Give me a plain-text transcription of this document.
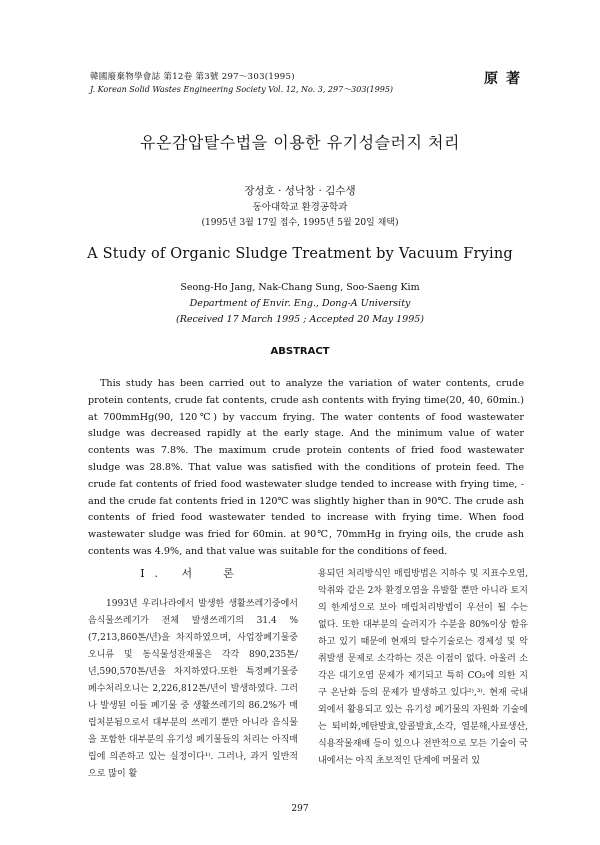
韓國廢棄物學會誌 第12卷 第3號 297～303(1995)
J. Korean Solid Wastes Engineering Society Vol. 12, No. 3, 297～303(1995)
原著
유온감압탈수법을 이용한 유기성슬러지 처리
장성호 · 성낙창 · 김수생
동아대학교 환경공학과
(1995년 3월 17일 접수, 1995년 5월 20일 채택)
A Study of Organic Sludge Treatment by Vacuum Frying
Seong-Ho Jang, Nak-Chang Sung, Soo-Saeng Kim
Department of Envir. Eng., Dong-A University
(Received 17 March 1995 ; Accepted 20 May 1995)
ABSTRACT
This study has been carried out to analyze the variation of water contents, crude protein contents, crude fat contents, crude ash contents with frying time(20, 40, 60min.) at 700mmHg(90, 120℃) by vaccum frying. The water contents of food wastewater sludge was decreased rapidly at the early stage. And the minimum value of water contents was 7.8%. The maximum crude protein contents of fried food wastewater sludge was 28.8%. That value was satisfied with the conditions of protein feed. The crude fat contents of fried food wastewater sludge tended to increase with frying time, -and the crude fat contents fried in 120℃ was slightly higher than in 90℃. The crude ash contents of fried food wastewater tended to increase with frying time. When food wastewater sludge was fried for 60min. at 90℃, 70mmHg in frying oils, the crude ash contents was 4.9%, and that value was suitable for the conditions of feed.
I. 서　론
1993년 우리나라에서 발생한 생활쓰레기중에서 음식물쓰레기가 전체 발생쓰레기의 31.4 %(7,213,860톤/년)을 차지하였으며, 사업장폐기물중 오니류 및 동식물성잔재물은 각각 890,235톤/년,590,570톤/년을 차지하였다.또한 특정폐기물중 폐수처리오니는 2,226,812톤/년이 발생하였다. 그러나 발생된 이들 폐기물 중 생활쓰레기의 86.2%가 매립처분됨으로서 대부분의 쓰레기 뿐만 아니라 음식물을 포함한 대부분의 유기성 폐기물들의 처리는 아직매립에 의존하고 있는 실정이다¹⁾. 그러나, 과거 일반적으로 많이 활
용되던 처리방식인 매립방법은 지하수 및 지표수오염, 악취와 같은 2차 환경오염을 유발할 뿐만 아니라 토지의 한계성으로 보아 매립처리방법이 우선이 될 수는 없다. 또한 대부분의 슬러지가 수분을 80%이상 함유하고 있기 때문에 현재의 탈수기술로는 경제성 및 악취발생 문제로 소각하는 것은 이점이 없다. 아울러 소각은 대기오염 문제가 제기되고 특히 CO₂에 의한 지구 온난화 등의 문제가 발생하고 있다²⁾,³⁾. 현재 국내외에서 활용되고 있는 유기성 폐기물의 자원화 기술에는 퇴비화,메탄발효,알콜발효,소각, 열분해,사료생산,식용작물재배 등이 있으나 전반적으로 모든 기술이 국내에서는 아직 초보적인 단계에 머물러 있
297
